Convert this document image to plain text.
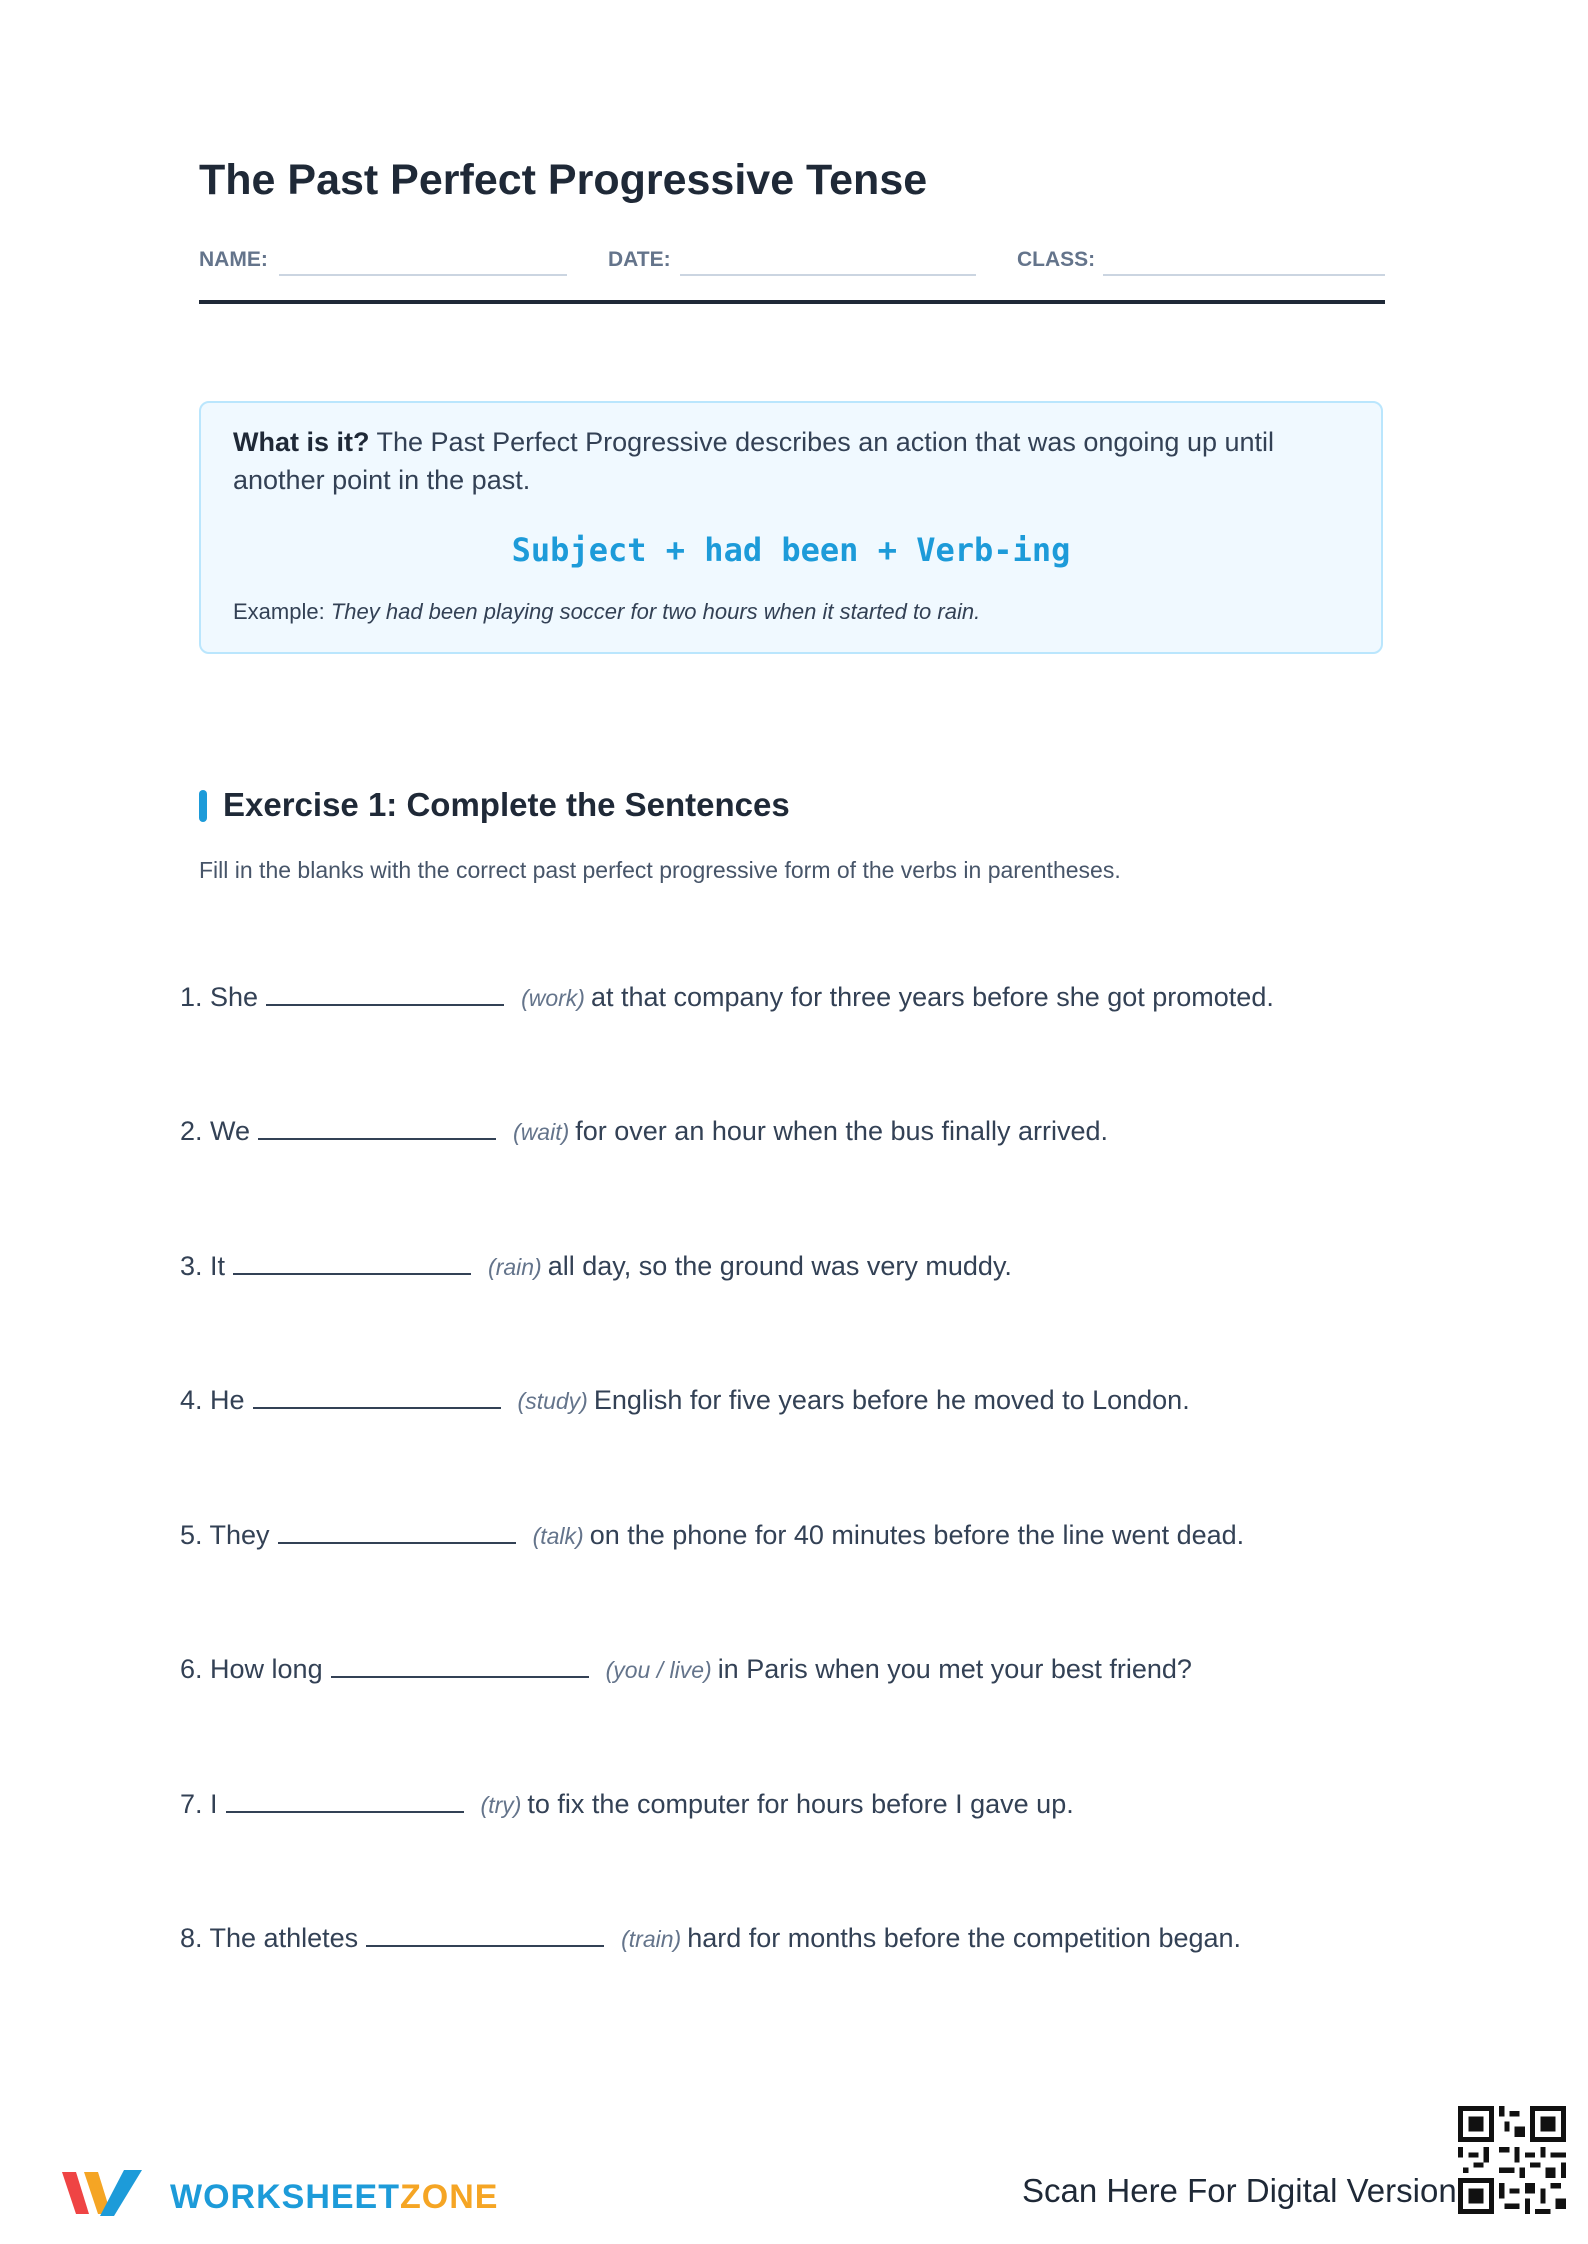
The Past Perfect Progressive Tense
NAME:	DATE:	CLASS:

What is it? The Past Perfect Progressive describes an action that was ongoing up until another point in the past.

Subject + had been + Verb-ing
Example: They had been playing soccer for two hours when it started to rain.
Exercise 1: Complete the Sentences
Fill in the blanks with the correct past perfect progressive form of the verbs in parentheses.
1. She	(work) at that company for three years before she got promoted.
2. We	(wait) for over an hour when the bus finally arrived.
3. It	(rain) all day, so the ground was very muddy.
4. He	(study) English for five years before he moved to London.
5. They	(talk) on the phone for 40 minutes before the line went dead.
6. How long	(you / live) in Paris when you met your best friend?
7. I	(try) to fix the computer for hours before I gave up.
8. The athletes	(train) hard for months before the competition began.
WORKSHEETZONE	Scan Here For Digital Version
